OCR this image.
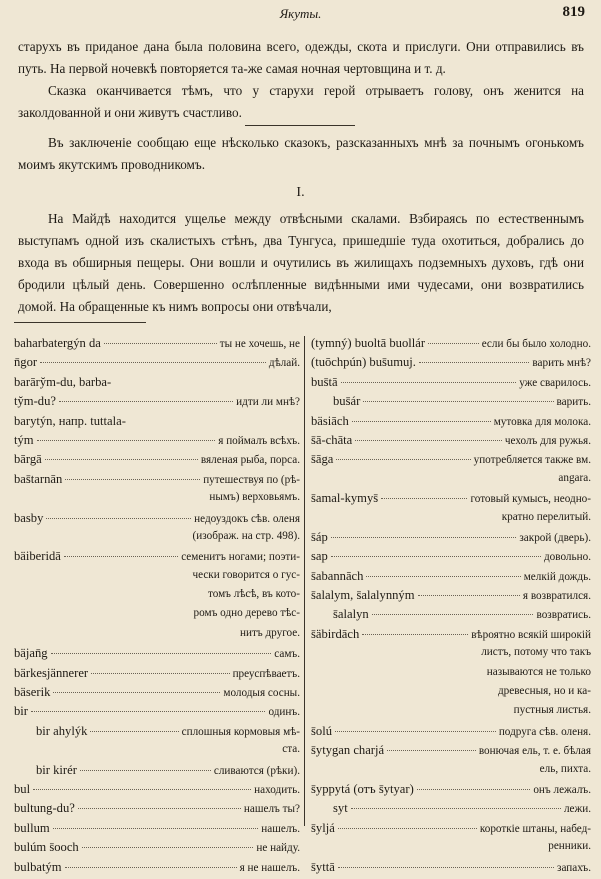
Якуты.	819

старухъ въ приданое дана была половина всего, одежды, скота и прислуги. Они отправились въ путь. На первой ночевкѣ повторяется та-же самая ночная чертовщина и т. д.

Сказка оканчивается тѣмъ, что у старухи герой отрываетъ голову, онъ женится на заколдованной и они живутъ счастливо.

Въ заключеніе сообщаю еще нѣсколько сказокъ, разсказанныхъ мнѣ за почнымъ огонькомъ моимъ якутскимъ проводникомъ.

I.

На Майдѣ находится ущелье между отвѣсными скалами. Взбираясь по естественнымъ выступамъ одной изъ скалистыхъ стѣнъ, два Тунгуса, пришедшіе туда охотиться, добрались до входа въ обширныя пещеры. Они вошли и очутились въ жилищахъ подземныхъ духовъ, гдѣ они бродили цѣлый день. Совершенно ослѣпленные видѣнными ими чудесами, они возвратились домой. На обращенные къ нимъ вопросы они отвѣчали,

baharbatergýn da	ты не хочешь, не
n̄gor	дѣлай.
barāry̆m-du, barba-
ty̆m-du?	идти ли мнѣ?
barytýn, напр. tuttala-
tým	я поймалъ всѣхъ.
bārgā	вяленая рыба, порса.
bas̄tarnān	путешествуя по (рѣ-
нымъ) верховьямъ.
basby	недоуздокъ сѣв. оленя
(изображ. на стр. 498).
bäiberidā	семенитъ ногами; поэти-
чески говорится о гус-
томъ лѣсѣ, въ кото-
ромъ одно дерево тѣс-
нитъ другое.
bäjan̄g	самъ.
bärkesjännerer	преуспѣваетъ.
bäserik	молодыя сосны.
bir	одинъ.
bir ahylýk	сплошныя кормовыя мѣ-
ста.
bir kirér	сливаются (рѣки).
bul	находить.
bultung-du?	нашелъ ты?
bullum	нашелъ.
bulúm s̄ooch	не найду.
bulbatým	я не нашелъ.
(tymný) buoltā buollár	если бы было холодно.
(tuōchpún) bus̄umuj.	варить мнѣ?
bus̄tā	уже сварилось.
bus̄ár	варить.
bäsiāch	мутовка для молока.
s̄ā-chāta	чехолъ для ружья.
s̄āga	употребляется также вм.
angara.
s̄amal-kymys̄	готовый кумысъ, неодно-
кратно перелитый.
s̄áp	закрой (дверь).
sap	довольно.
s̄abannāch	мелкій дождь.
s̄alalym, s̄alalynným	я возвратился.
s̄alalyn	возвратись.
s̄äbirdāch	вѣроятно всякій широкій
листъ, потому что такъ
называются не только
древесныя, но и ка-
пустныя листья.
s̄olú	подруга сѣв. оленя.
s̄ytygan charjá	вонючая ель, т. е. бѣлая
ель, пихта.
s̄yppytá (отъ s̄ytyar)	онъ лежалъ.
syt	лежи.
s̄yljá	короткіе штаны, набед-
ренники.
s̄yttā	запахъ.
